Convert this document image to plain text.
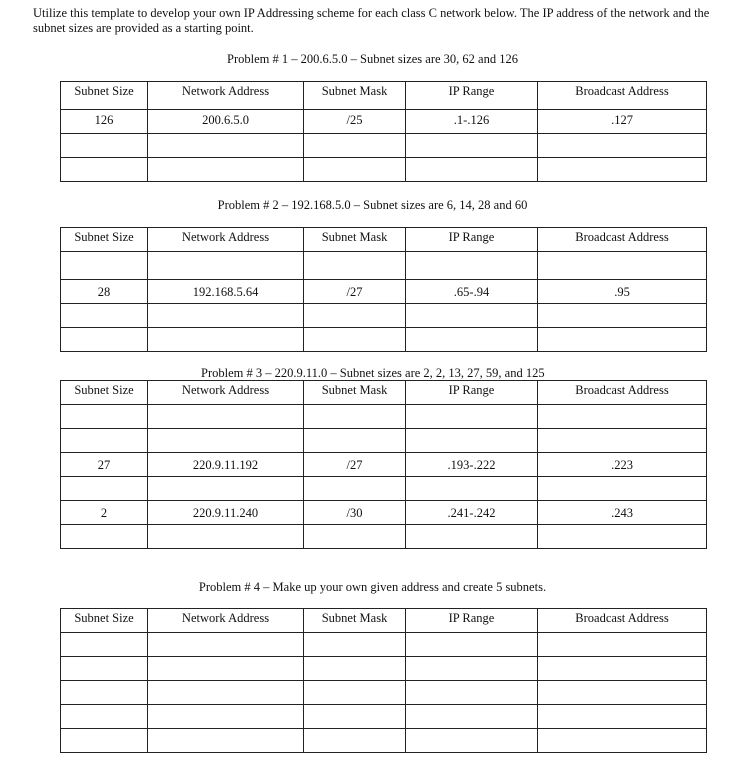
Utilize this template to develop your own IP Addressing scheme for each class C network below. The IP address of the network and the subnet sizes are provided as a starting point.

Problem # 1 – 200.6.5.0 – Subnet sizes are 30, 62 and 126

Subnet Size	Network Address	Subnet Mask	IP Range	Broadcast Address
126	200.6.5.0	/25	.1-.126	.127

Problem # 2 – 192.168.5.0 – Subnet sizes are 6, 14, 28 and 60

Subnet Size	Network Address	Subnet Mask	IP Range	Broadcast Address

28	192.168.5.64	/27	.65-.94	.95

Problem # 3 – 220.9.11.0 – Subnet sizes are 2, 2, 13, 27, 59, and 125

Subnet Size	Network Address	Subnet Mask	IP Range	Broadcast Address

27	220.9.11.192	/27	.193-.222	.223

2	220.9.11.240	/30	.241-.242	.243

Problem # 4 – Make up your own given address and create 5 subnets.

Subnet Size	Network Address	Subnet Mask	IP Range	Broadcast Address
